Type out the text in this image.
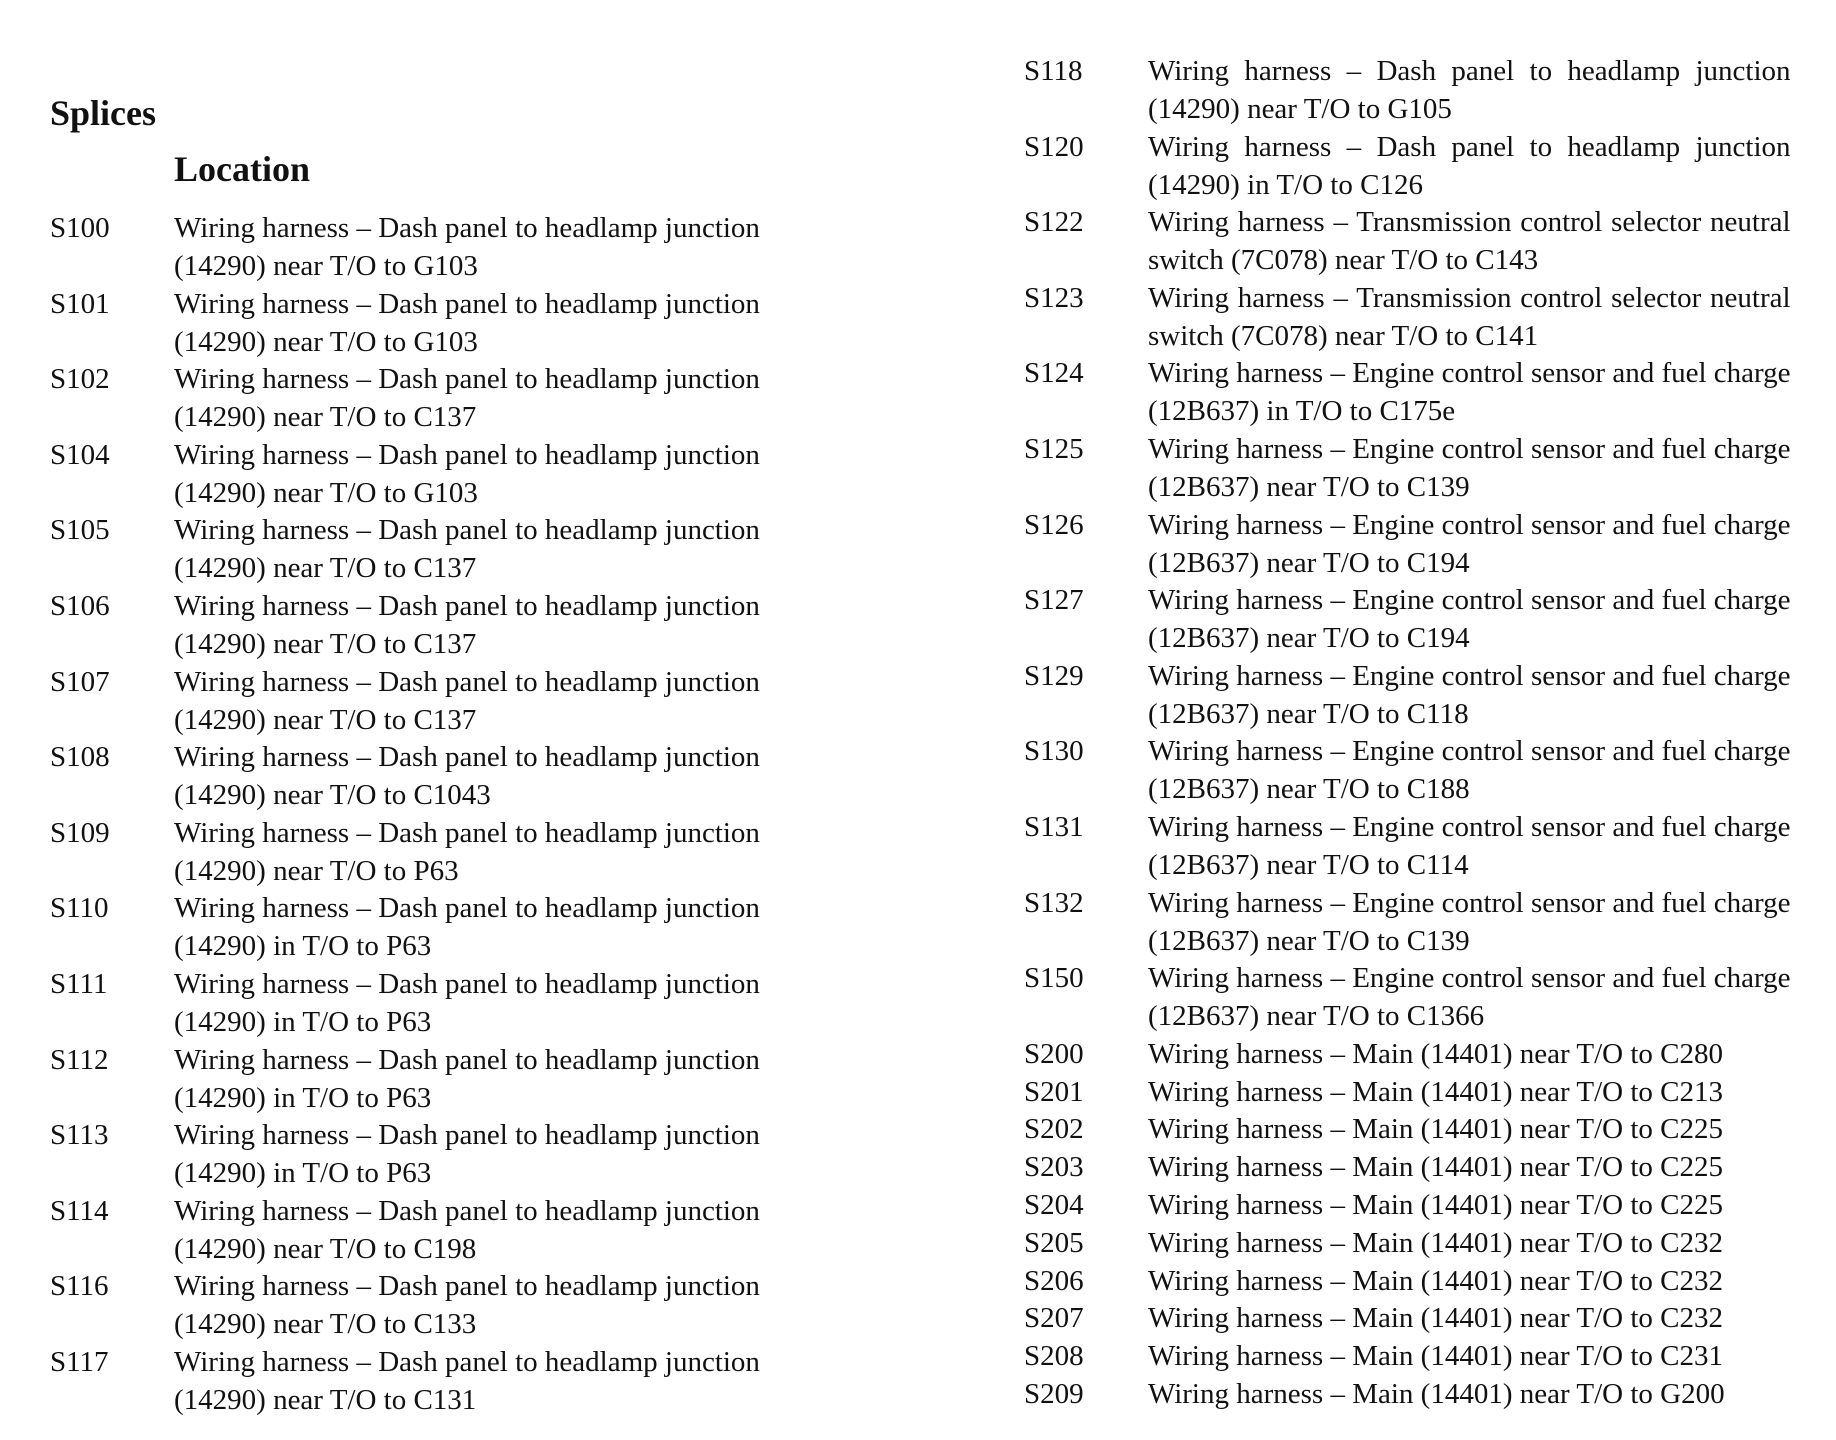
Splices
Location
S100	Wiring harness – Dash panel to headlamp junction
(14290) near T/O to G103
S101	Wiring harness – Dash panel to headlamp junction
(14290) near T/O to G103
S102	Wiring harness – Dash panel to headlamp junction
(14290) near T/O to C137
S104	Wiring harness – Dash panel to headlamp junction
(14290) near T/O to G103
S105	Wiring harness – Dash panel to headlamp junction
(14290) near T/O to C137
S106	Wiring harness – Dash panel to headlamp junction
(14290) near T/O to C137
S107	Wiring harness – Dash panel to headlamp junction
(14290) near T/O to C137
S108	Wiring harness – Dash panel to headlamp junction
(14290) near T/O to C1043
S109	Wiring harness – Dash panel to headlamp junction
(14290) near T/O to P63
S110	Wiring harness – Dash panel to headlamp junction
(14290) in T/O to P63
S111	Wiring harness – Dash panel to headlamp junction
(14290) in T/O to P63
S112	Wiring harness – Dash panel to headlamp junction
(14290) in T/O to P63
S113	Wiring harness – Dash panel to headlamp junction
(14290) in T/O to P63
S114	Wiring harness – Dash panel to headlamp junction
(14290) near T/O to C198
S116	Wiring harness – Dash panel to headlamp junction
(14290) near T/O to C133
S117	Wiring harness – Dash panel to headlamp junction
(14290) near T/O to C131
S118	Wiring harness – Dash panel to headlamp junction
(14290) near T/O to G105
S120	Wiring harness – Dash panel to headlamp junction
(14290) in T/O to C126
S122	Wiring harness – Transmission control selector neutral
switch (7C078) near T/O to C143
S123	Wiring harness – Transmission control selector neutral
switch (7C078) near T/O to C141
S124	Wiring harness – Engine control sensor and fuel charge
(12B637) in T/O to C175e
S125	Wiring harness – Engine control sensor and fuel charge
(12B637) near T/O to C139
S126	Wiring harness – Engine control sensor and fuel charge
(12B637) near T/O to C194
S127	Wiring harness – Engine control sensor and fuel charge
(12B637) near T/O to C194
S129	Wiring harness – Engine control sensor and fuel charge
(12B637) near T/O to C118
S130	Wiring harness – Engine control sensor and fuel charge
(12B637) near T/O to C188
S131	Wiring harness – Engine control sensor and fuel charge
(12B637) near T/O to C114
S132	Wiring harness – Engine control sensor and fuel charge
(12B637) near T/O to C139
S150	Wiring harness – Engine control sensor and fuel charge
(12B637) near T/O to C1366
S200	Wiring harness – Main (14401) near T/O to C280
S201	Wiring harness – Main (14401) near T/O to C213
S202	Wiring harness – Main (14401) near T/O to C225
S203	Wiring harness – Main (14401) near T/O to C225
S204	Wiring harness – Main (14401) near T/O to C225
S205	Wiring harness – Main (14401) near T/O to C232
S206	Wiring harness – Main (14401) near T/O to C232
S207	Wiring harness – Main (14401) near T/O to C232
S208	Wiring harness – Main (14401) near T/O to C231
S209	Wiring harness – Main (14401) near T/O to G200
